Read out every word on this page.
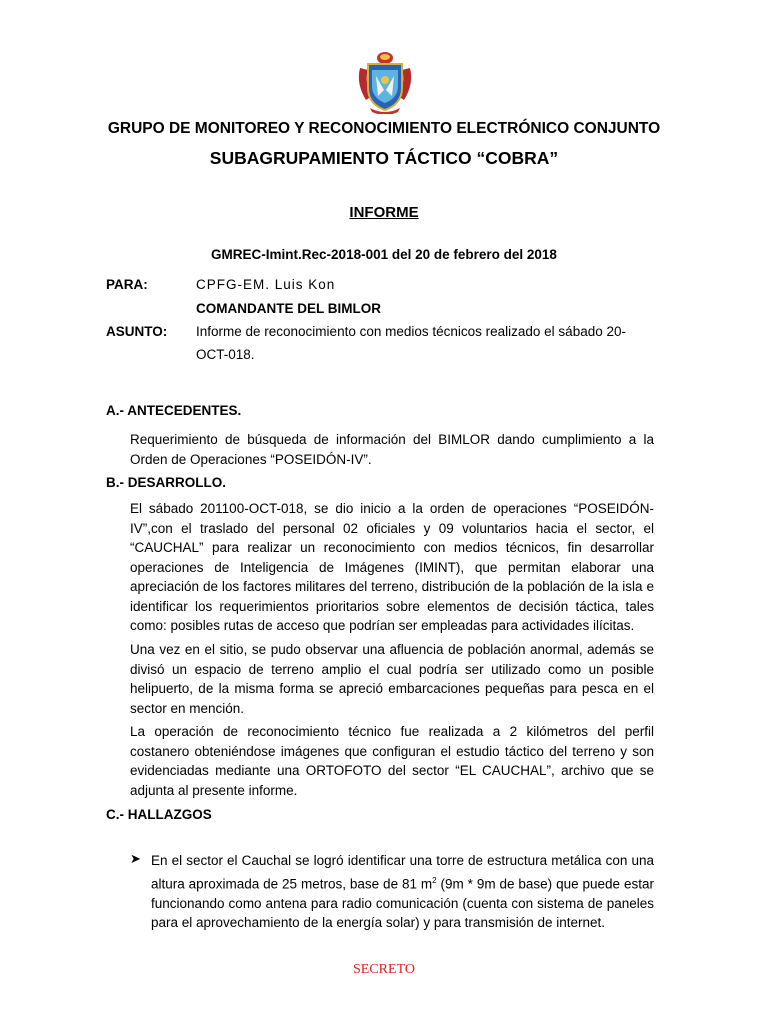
GRUPO DE MONITOREO Y RECONOCIMIENTO ELECTRÓNICO CONJUNTO
SUBAGRUPAMIENTO TÁCTICO “COBRA”
INFORME
GMREC-Imint.Rec-2018-001 del 20 de febrero del 2018
PARA:	CPFG-EM. Luis Kon
COMANDANTE DEL BIMLOR
ASUNTO: Informe de reconocimiento con medios técnicos realizado el sábado 20-OCT-018.
A.- ANTECEDENTES.
Requerimiento de búsqueda de información del BIMLOR dando cumplimiento a la Orden de Operaciones “POSEIDÓN-IV”.
B.- DESARROLLO.
El sábado 201100-OCT-018, se dio inicio a la orden de operaciones “POSEIDÓN-IV”,con el traslado del personal 02 oficiales y 09 voluntarios hacia el sector, el “CAUCHAL” para realizar un reconocimiento con medios técnicos, fin desarrollar operaciones de Inteligencia de Imágenes (IMINT), que permitan elaborar una apreciación de los factores militares del terreno, distribución de la población de la isla e identificar los requerimientos prioritarios sobre elementos de decisión táctica, tales como: posibles rutas de acceso que podrían ser empleadas para actividades ilícitas.
Una vez en el sitio, se pudo observar una afluencia de población anormal, además se divisó un espacio de terreno amplio el cual podría ser utilizado como un posible helipuerto, de la misma forma se apreció embarcaciones pequeñas para pesca en el sector en mención.
La operación de reconocimiento técnico fue realizada a 2 kilómetros del perfil costanero obteniéndose imágenes que configuran el estudio táctico del terreno y son evidenciadas mediante una ORTOFOTO del sector “EL CAUCHAL”, archivo que se adjunta al presente informe.
C.- HALLAZGOS
➤ En el sector el Cauchal se logró identificar una torre de estructura metálica con una altura aproximada de 25 metros, base de 81 $m^2$ (9m * 9m de base) que puede estar funcionando como antena para radio comunicación (cuenta con sistema de paneles para el aprovechamiento de la energía solar) y para transmisión de internet.
SECRETO
